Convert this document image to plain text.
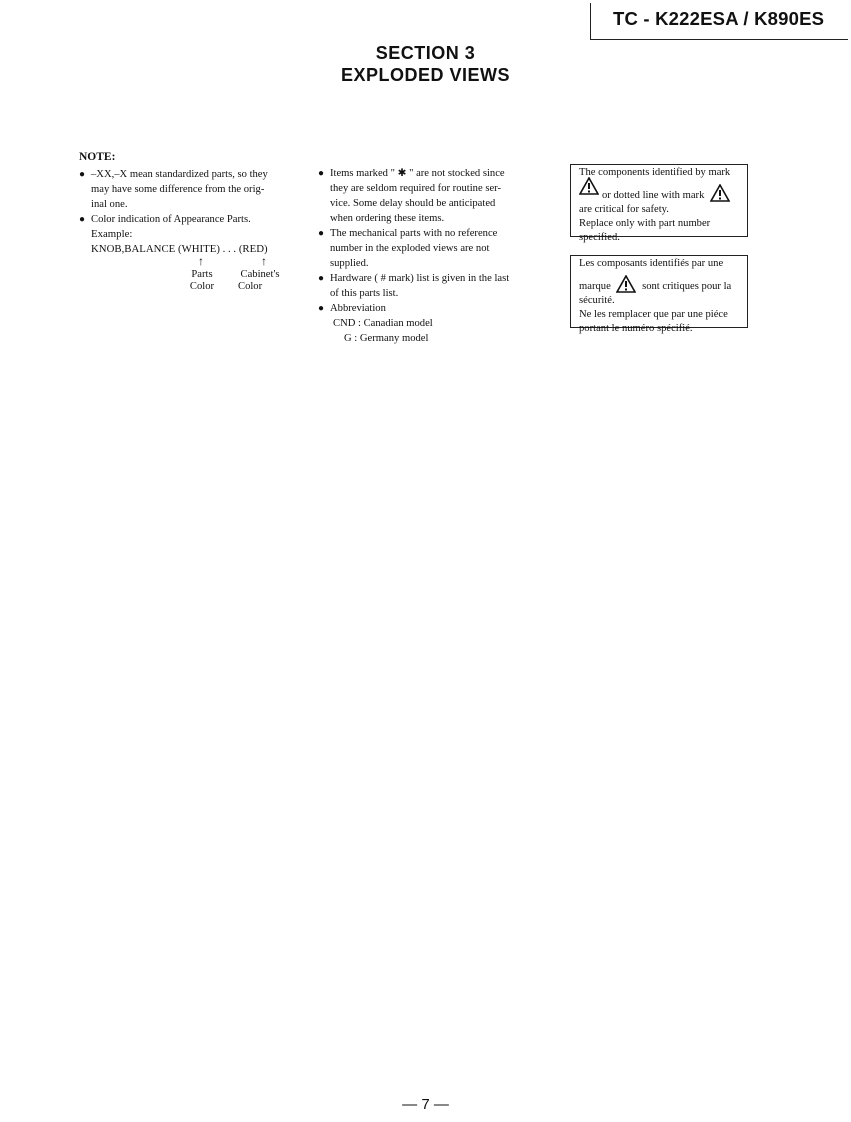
TC - K222ESA / K890ES
SECTION 3
EXPLODED VIEWS
NOTE:
● –XX,–X mean standardized parts, so they
may have some difference from the orig-
inal one.
● Color indication of Appearance Parts.
Example:
KNOB,BALANCE (WHITE) . . . (RED)
↑	↑
Parts
Color
Cabinet's
Color
● Items marked " ✱ " are not stocked since
they are seldom required for routine ser-
vice. Some delay should be anticipated
when ordering these items.
● The mechanical parts with no reference
number in the exploded views are not
supplied.
● Hardware ( # mark) list is given in the last
of this parts list.
● Abbreviation
CND : Canadian model
G : Germany model
The components identified by mark
or dotted line with mark
are critical for safety.
Replace only with part number
specified.
Les composants identifiés par une
marque	sont critiques pour la
sécurité.
Ne les remplacer que par une piéce
portant le numéro spécifié.
— 7 —
